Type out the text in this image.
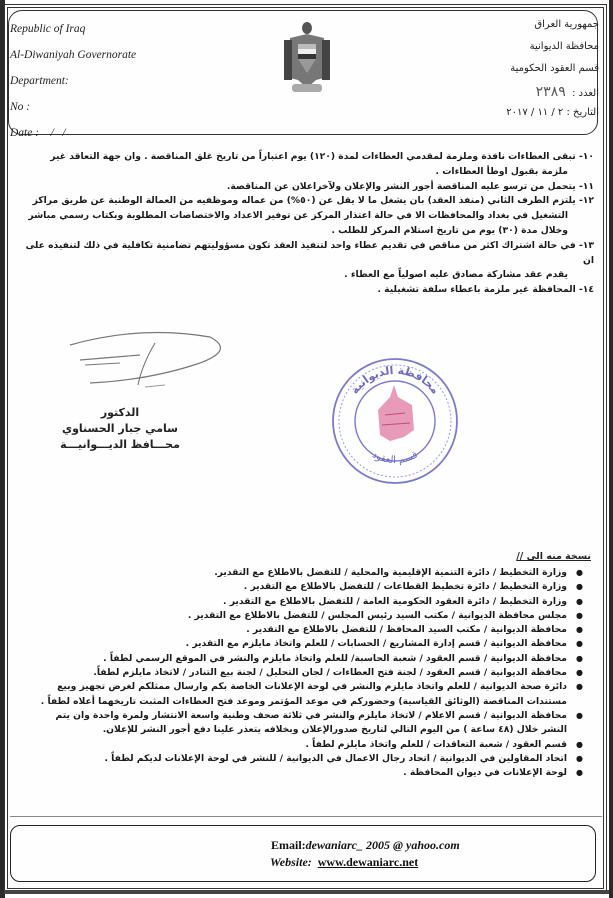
Republic of Iraq
Al-Diwaniyah Governorate
Department:
No :
Date : /   /
جمهورية العراق
محافظة الديوانية
قسم العقود الحكومية
العدد :  ٢٣٨٩
التاريخ : ٢ / ١١ / ٢٠١٧
١٠- تبقى العطاءات نافذة وملزمة لمقدمي العطاءات لمدة (١٢٠) يوم اعتباراً من تاريخ غلق المناقصة . وان جهة التعاقد غير
ملزمة بقبول اوطأ العطاءات .
١١- يتحمل من ترسو عليه المناقصة أجور النشر والإعلان ولآخراعلان عن المناقصة.
١٢- يلتزم الطرف الثاني (منفذ العقد) بان يشغل ما لا يقل عن (٥٠%) من عماله وموظفيه من العمالة الوطنية عن طريق مراكز
التشغيل في بغداد والمحافظات الا في حالة اعتذار المركز عن توفير الاعداد والاختصاصات المطلوبة وبكتاب رسمي مباشر
وخلال مدة (٣٠) يوم من تاريخ استلام المركز للطلب .
١٣- في حالة اشتراك اكثر من مناقص في تقديم عطاء واحد لتنفيذ العقد تكون مسؤوليتهم تضامنية تكافلية في ذلك لتنفيذه على ان
يقدم عقد مشاركة مصادق عليه اصولياً مع العطاء .
١٤- المحافظة غير ملزمة باعطاء سلفة تشغيلية .
الدكتور
سامي جبار الحسناوي
محـــافظ الديـــوانيـــة
محافظة الديوانية
قسم العقود
نسخة منه الى //
●
وزارة التخطيط / دائرة التنمية الإقليمية والمحلية / للتفضل بالاطلاع مع التقدير.
●
وزارة التخطيط / دائرة تخطيط القطاعات / للتفضل بالاطلاع مع التقدير .
●
وزارة التخطيط / دائرة العقود الحكومية العامة / للتفضل بالاطلاع مع التقدير .
●
مجلس محافظة الديوانية / مكتب السيد رئيس المجلس / للتفضل بالاطلاع مع التقدير .
●
محافظة الديوانية / مكتب السيد المحافظ / للتفضل بالاطلاع مع التقدير .
●
محافظة الديوانية / قسم إدارة المشاريع / الحسابات / للعلم واتخاذ مايلزم مع التقدير .
●
محافظة الديوانية / قسم العقود / شعبة الحاسبة/ للعلم واتخاذ مايلزم والنشر في الموقع الرسمي لطفاً .
●
محافظة الديوانية / قسم العقود / لجنة فتح العطاءات / لجان التحليل / لجنة بيع التنادر / لاتخاذ مايلزم لطفاً.
●
دائرة صحة الديوانية / للعلم واتخاذ مايلزم والنشر في لوحة الإعلانات الخاصة بكم وارسال ممثلكم لغرض تجهيز وبيع مستندات المناقصة (الوثائق القياسية) وحضوركم في موعد المؤتمر وموعد فتح العطاءات المثبت تاريخهما أعلاه لطفاً .
●
محافظة الديوانية / قسم الاعلام / لاتخاذ مايلزم والنشر في ثلاثة صحف وطنية واسعة الانتشار ولمرة واحدة وان يتم النشر خلال (٤٨ ساعة ) من اليوم التالي لتاريخ صدورالإعلان وبخلافه يتعذر علينا دفع أجور النشر للإعلان.
●
قسم العقود / شعبة التعاقدات / للعلم واتخاذ مايلزم لطفاً .
●
اتحاد المقاولين في الديوانية / اتحاد رجال الاعمال في الديوانية / للنشر في لوحة الإعلانات لديكم لطفاً .
●
لوحة الإعلانات في ديوان المحافظة .
Email:dewaniarc_ 2005 @ yahoo.com
Website: www.dewaniarc.net
